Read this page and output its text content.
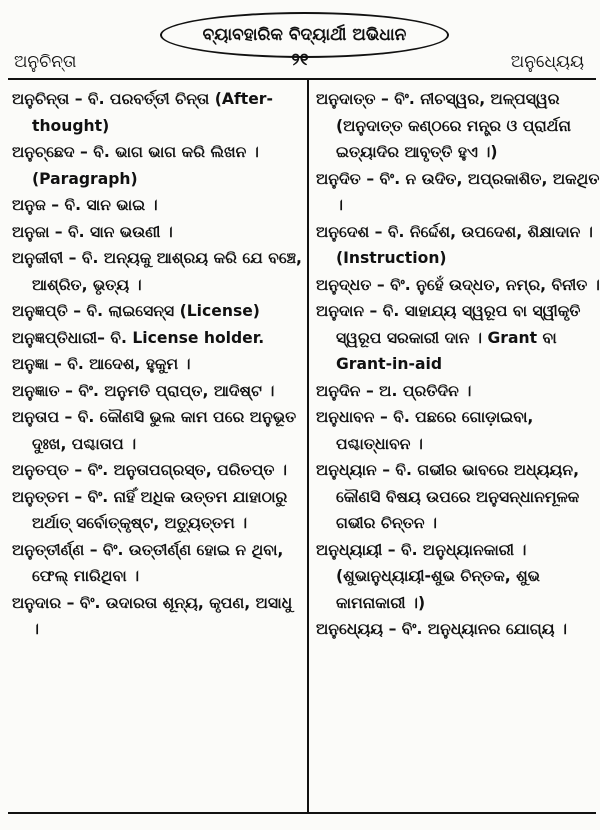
ବ୍ୟାବହାରିକ ବିଦ୍ୟାର୍ଥୀ ଅଭିଧାନ
ଅନୁଚିନ୍ତା	୨୧	ଅନୁଧ୍ୟେୟ
ଅନୁଚିନ୍ତା – ବି. ପରବର୍ତ୍ତୀ ଚିନ୍ତା (After-thought)
ଅନୁଚ୍ଛେଦ – ବି. ଭାଗ ଭାଗ କରି ଲିଖନ । (Paragraph)
ଅନୁଜ – ବି. ସାନ ଭାଇ ।
ଅନୁଜା – ବି. ସାନ ଭଉଣୀ ।
ଅନୁଜୀବୀ – ବି. ଅନ୍ୟକୁ ଆଶ୍ରୟ କରି ଯେ ବଞ୍ଚେ, ଆଶ୍ରିତ, ଭୃତ୍ୟ ।
ଅନୁଜ୍ଞପ୍ତି – ବି. ଲାଇସେନ୍ସ (License)
ଅନୁଜ୍ଞପ୍ତିଧାରୀ– ବି. License holder.
ଅନୁଜ୍ଞା – ବି. ଆଦେଶ, ହୁକୁମ ।
ଅନୁଜ୍ଞାତ – ବିଂ. ଅନୁମତି ପ୍ରାପ୍ତ, ଆଦିଷ୍ଟ ।
ଅନୁତାପ – ବି. କୌଣସି ଭୁଲ କାମ ପରେ ଅନୁଭୂତ ଦୁଃଖ, ପଶ୍ଚାତାପ ।
ଅନୁତପ୍ତ – ବିଂ. ଅନୁତାପଗ୍ରସ୍ତ, ପରିତପ୍ତ ।
ଅନୁତ୍ତମ – ବିଂ. ନାହିଁ ଅଧିକ ଉତ୍ତମ ଯାହାଠାରୁ ଅର୍ଥାତ୍ ସର୍ବୋତ୍କୃଷ୍ଟ, ଅତ୍ୟୁତ୍ତମ ।
ଅନୁତ୍ତୀର୍ଣ୍ଣ – ବିଂ. ଉତ୍ତୀର୍ଣ୍ଣ ହୋଇ ନ ଥିବା, ଫେଲ୍ ମାରିଥିବା ।
ଅନୁଦାର – ବିଂ. ଉଦାରତା ଶୂନ୍ୟ, କୃପଣ, ଅସାଧୁ ।
ଅନୁଦାତ୍ତ – ବିଂ. ନୀଚସ୍ୱର, ଅଳ୍ପସ୍ୱର (ଅନୁଦାତ୍ତ କଣ୍ଠରେ ମନ୍ତ୍ର ଓ ପ୍ରାର୍ଥନା ଇତ୍ୟାଦିର ଆବୃତ୍ତି ହୁଏ ।)
ଅନୁଦିତ – ବିଂ. ନ ଉଦିତ, ଅପ୍ରକାଶିତ, ଅକଥିତ ।
ଅନୁଦେଶ – ବି. ନିର୍ଦ୍ଦେଶ, ଉପଦେଶ, ଶିକ୍ଷାଦାନ । (Instruction)
ଅନୁଦ୍ଧତ – ବିଂ. ନୁହେଁ ଉଦ୍ଧତ, ନମ୍ର, ବିନୀତ ।
ଅନୁଦାନ – ବି. ସାହାଯ୍ୟ ସ୍ୱରୂପ ବା ସ୍ୱୀକୃତି ସ୍ୱରୂପ ସରକାରୀ ଦାନ । Grant ବା Grant-in-aid
ଅନୁଦିନ – ଅ. ପ୍ରତିଦିନ ।
ଅନୁଧାବନ – ବି. ପଛରେ ଗୋଡ଼ାଇବା, ପଶ୍ଚାତ୍ଧାବନ ।
ଅନୁଧ୍ୟାନ – ବି. ଗଭୀର ଭାବରେ ଅଧ୍ୟୟନ, କୌଣସି ବିଷୟ ଉପରେ ଅନୁସନ୍ଧାନମୂଳକ ଗଭୀର ଚିନ୍ତନ ।
ଅନୁଧ୍ୟାୟୀ – ବି. ଅନୁଧ୍ୟାନକାରୀ । (ଶୁଭାନୁଧ୍ୟାୟୀ-ଶୁଭ ଚିନ୍ତକ, ଶୁଭ କାମନାକାରୀ ।)
ଅନୁଧ୍ୟେୟ – ବିଂ. ଅନୁଧ୍ୟାନର ଯୋଗ୍ୟ ।
